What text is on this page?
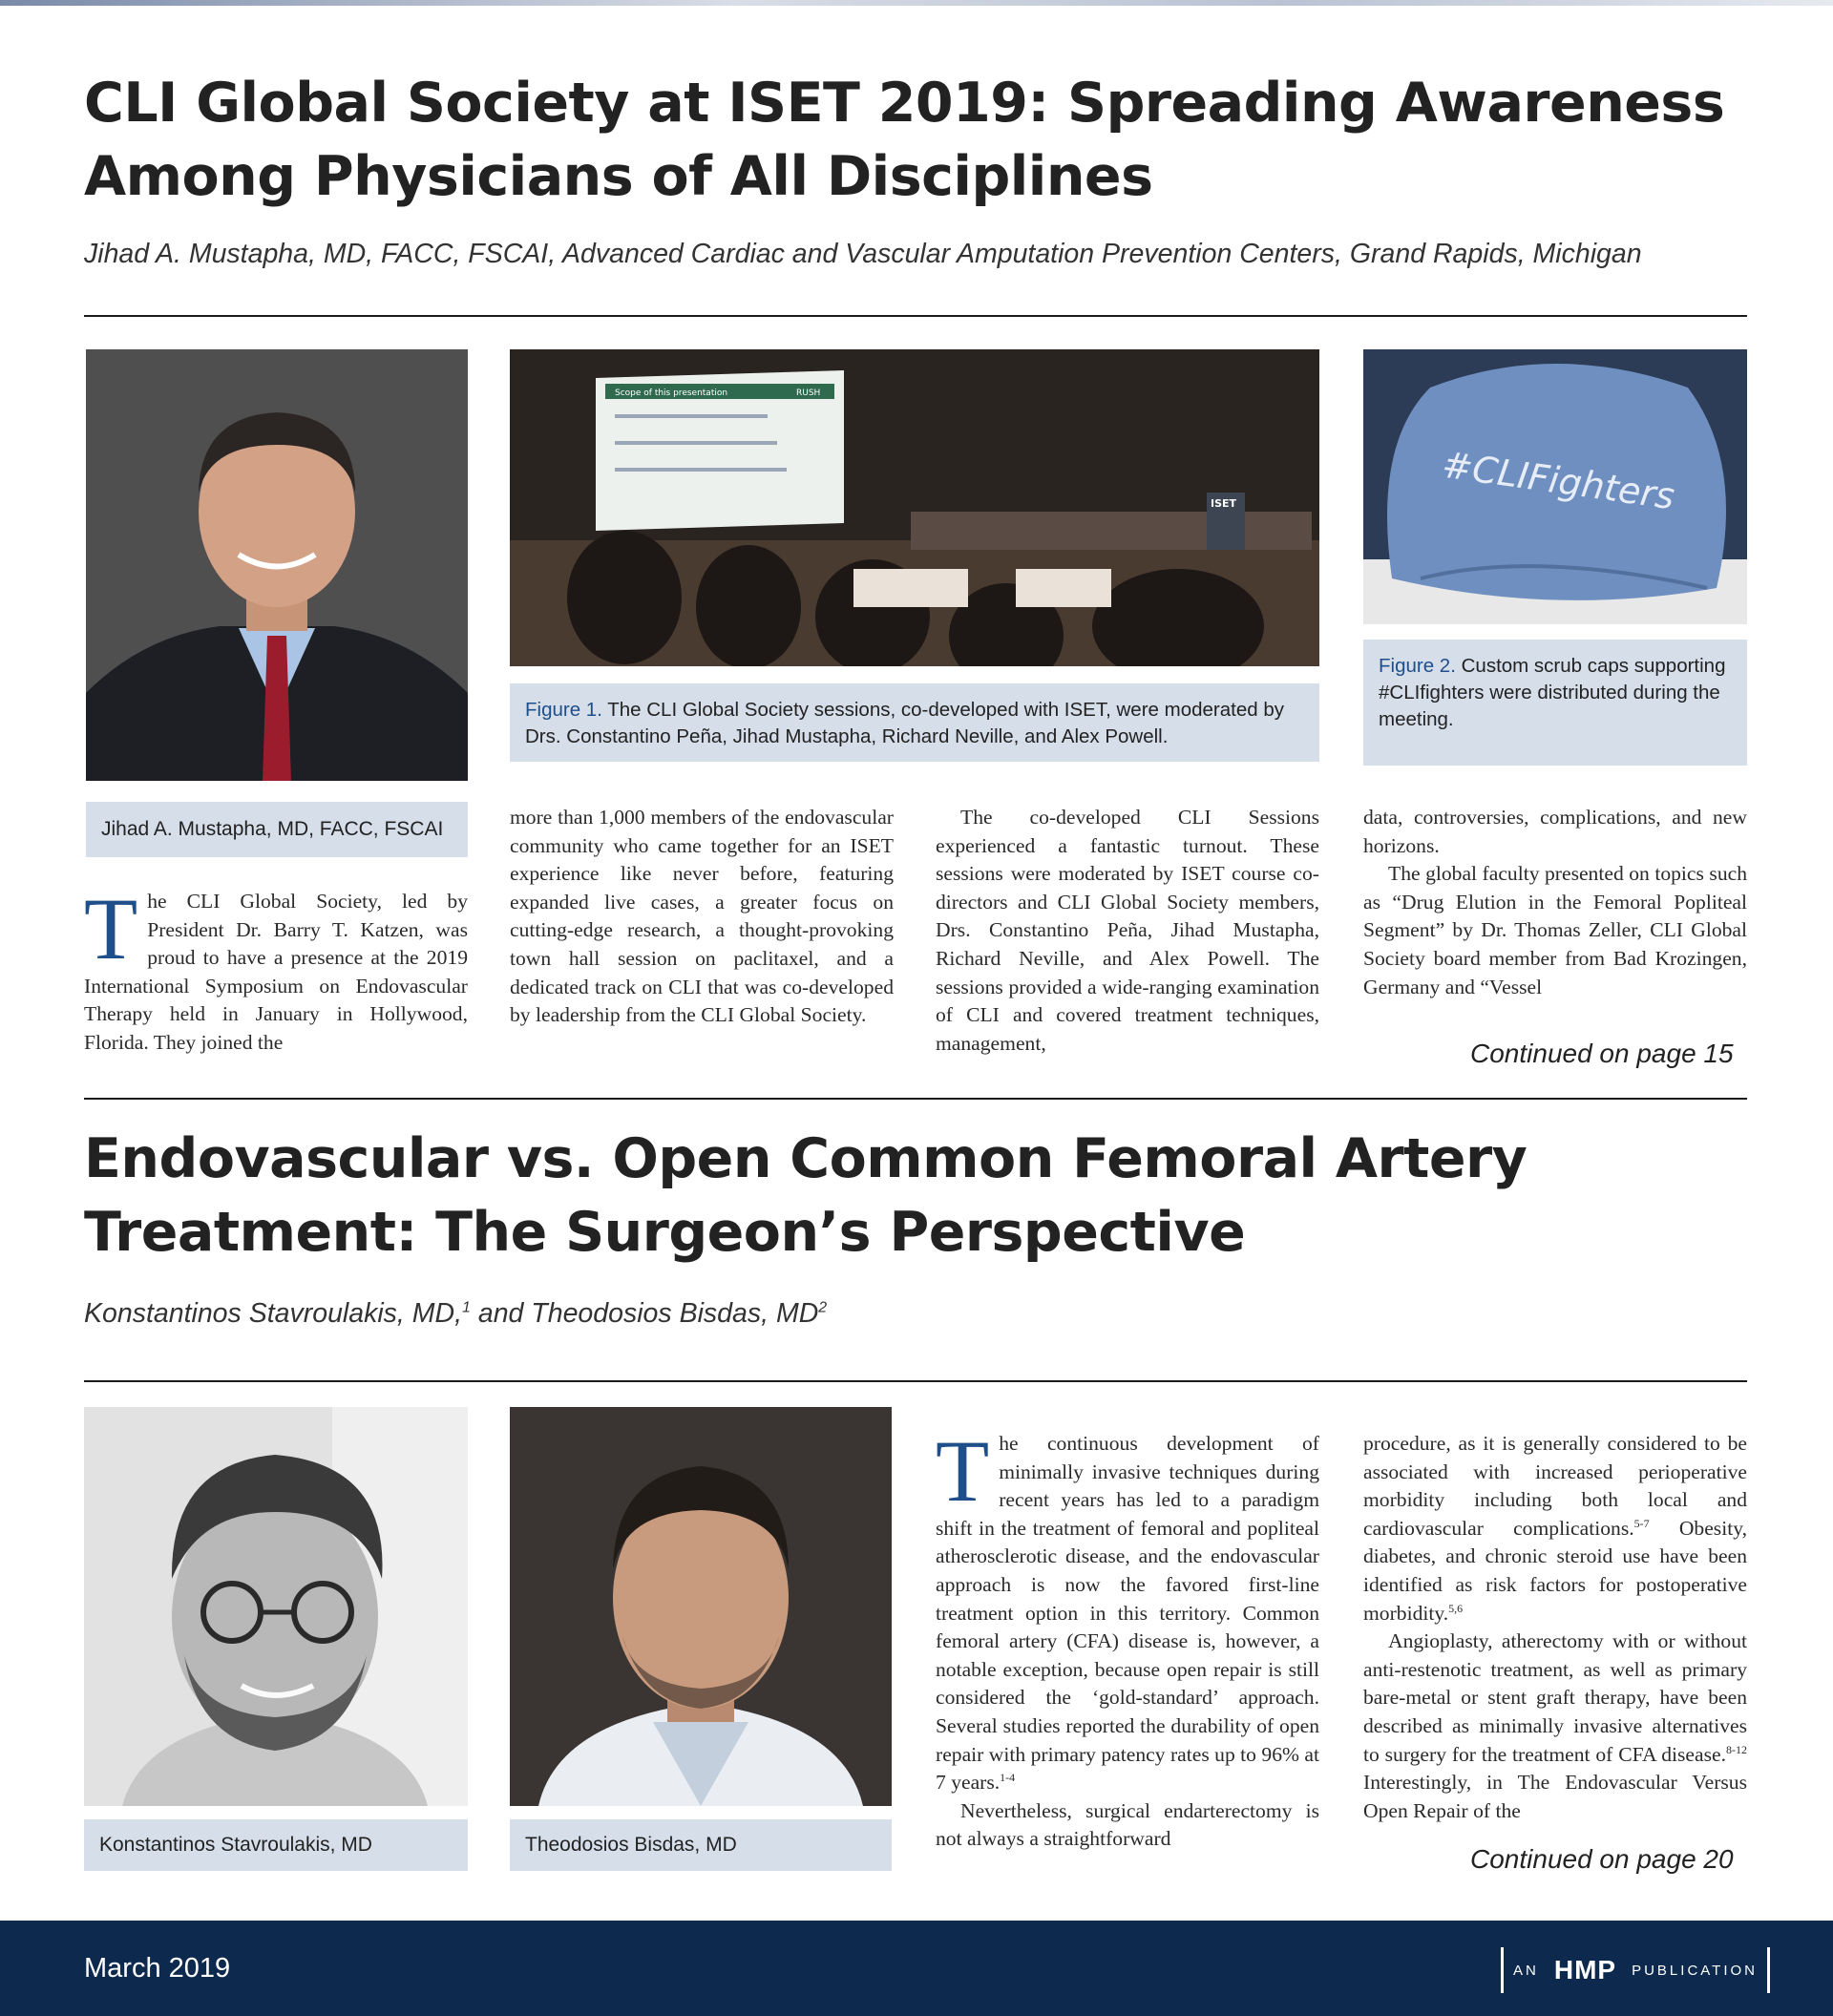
CLI Global Society at ISET 2019: Spreading Awareness
Among Physicians of All Disciplines

Jihad A. Mustapha, MD, FACC, FSCAI, Advanced Cardiac and Vascular Amputation Prevention Centers, Grand Rapids, Michigan

Jihad A. Mustapha, MD, FACC, FSCAI
Scope of this presentation	RUSH
ISET
Figure 1. The CLI Global Society sessions, co-developed with ISET, were moderated by Drs. Constantino Peña, Jihad Mustapha, Richard Neville, and Alex Powell.
#CLIFighters
Figure 2. Custom scrub caps supporting #CLIfighters were distributed during the meeting.
The CLI Global Society, led by President Dr. Barry T. Katzen, was proud to have a presence at the 2019 International Symposium on Endovascular Therapy held in January in Hollywood, Florida. They joined the
more than 1,000 members of the endovascular community who came together for an ISET experience like never before, featuring expanded live cases, a greater focus on cutting-edge research, a thought-provoking town hall session on paclitaxel, and a dedicated track on CLI that was co-developed by leadership from the CLI Global Society.

The co-developed CLI Sessions experienced a fantastic turnout. These sessions were moderated by ISET course co-directors and CLI Global Society members, Drs. Constantino Peña, Jihad Mustapha, Richard Neville, and Alex Powell. The sessions provided a wide-ranging examination of CLI and covered treatment techniques, management,

data, controversies, complications, and new horizons.

The global faculty presented on topics such as “Drug Elution in the Femoral Popliteal Segment” by Dr. Thomas Zeller, CLI Global Society board member from Bad Krozingen, Germany and “Vessel

Continued on page 15
Endovascular vs. Open Common Femoral Artery
Treatment: The Surgeon’s Perspective

Konstantinos Stavroulakis, MD,$^1$ and Theodosios Bisdas, $MD^2$

Konstantinos Stavroulakis, MD	Theodosios Bisdas, MD

The continuous development of minimally invasive techniques during recent years has led to a paradigm shift in the treatment of femoral and popliteal atherosclerotic disease, and the endovascular approach is now the favored first-line treatment option in this territory. Common femoral artery (CFA) disease is, however, a notable exception, because open repair is still considered the ‘gold-standard’ approach. Several studies reported the durability of open repair with primary patency rates up to 96% at 7 years.$^{1-4}$

Nevertheless, surgical endarterectomy is not always a straightforward

procedure, as it is generally considered to be associated with increased perioperative morbidity including both local and cardiovascular complications.$^{5-7}$ Obesity, diabetes, and chronic steroid use have been identified as risk factors for postoperative morbidity.$^{5,6}$

Angioplasty, atherectomy with or without anti-restenotic treatment, as well as primary bare-metal or stent graft therapy, have been described as minimally invasive alternatives to surgery for the treatment of CFA disease.$^{8-12}$ Interestingly, in The Endovascular Versus Open Repair of the

Continued on page 20
March 2019	AN HMP PUBLICATION
